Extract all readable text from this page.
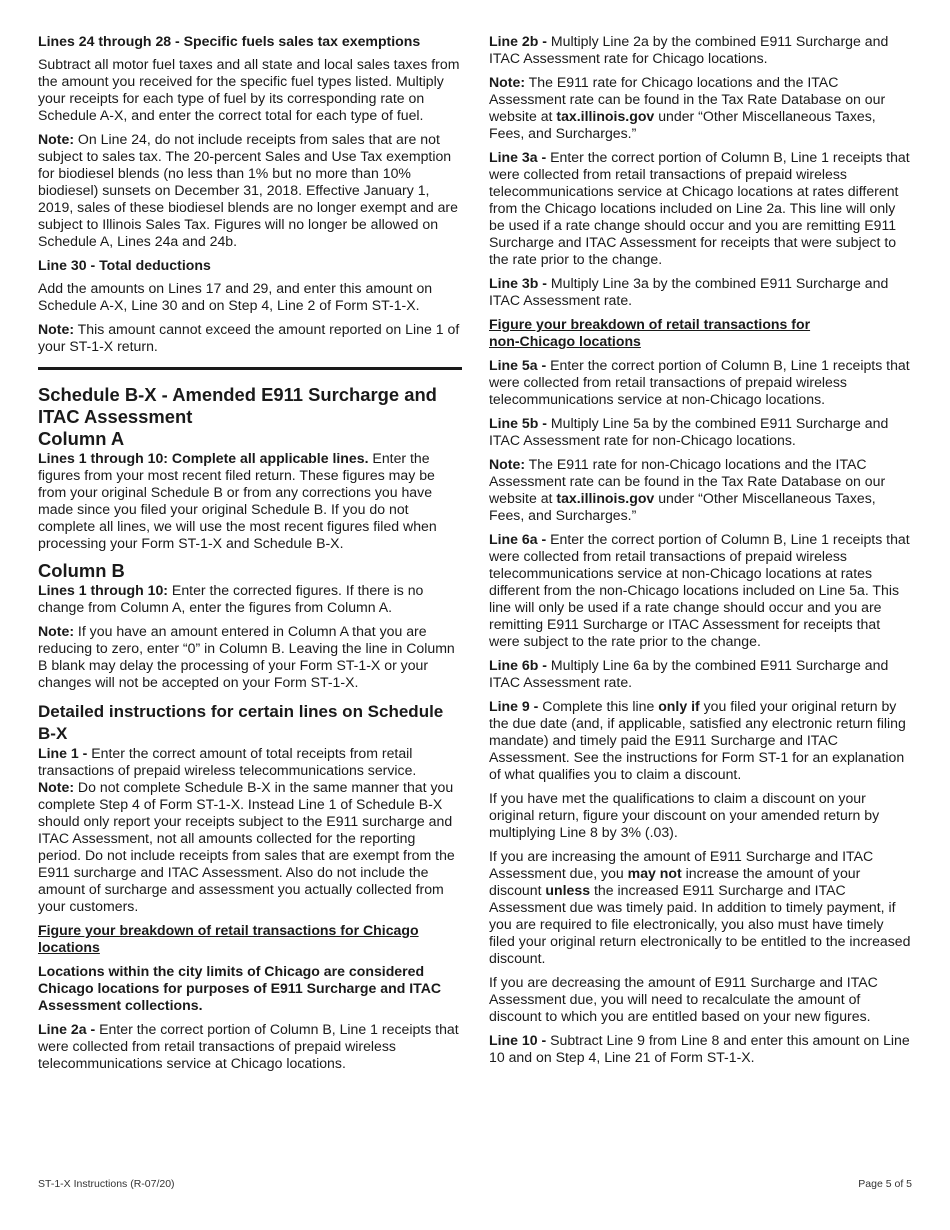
Lines 24 through 28 - Specific fuels sales tax exemptions

Subtract all motor fuel taxes and all state and local sales taxes from the amount you received for the specific fuel types listed. Multiply your receipts for each type of fuel by its corresponding rate on Schedule A-X, and enter the correct total for each type of fuel.

Note: On Line 24, do not include receipts from sales that are not subject to sales tax. The 20-percent Sales and Use Tax exemption for biodiesel blends (no less than 1% but no more than 10% biodiesel) sunsets on December 31, 2018. Effective January 1, 2019, sales of these biodiesel blends are no longer exempt and are subject to Illinois Sales Tax. Figures will no longer be allowed on Schedule A, Lines 24a and 24b.

Line 30 - Total deductions

Add the amounts on Lines 17 and 29, and enter this amount on Schedule A-X, Line 30 and on Step 4, Line 2 of Form ST-1-X.

Note: This amount cannot exceed the amount reported on Line 1 of your ST-1-X return.

Schedule B-X - Amended E911 Surcharge and ITAC Assessment
Column A

Lines 1 through 10: Complete all applicable lines. Enter the figures from your most recent filed return. These figures may be from your original Schedule B or from any corrections you have made since you filed your original Schedule B. If you do not complete all lines, we will use the most recent figures filed when processing your Form ST-1-X and Schedule B-X.

Column B

Lines 1 through 10: Enter the corrected figures. If there is no change from Column A, enter the figures from Column A.

Note: If you have an amount entered in Column A that you are reducing to zero, enter “0” in Column B. Leaving the line in Column B blank may delay the processing of your Form ST-1-X or your changes will not be accepted on your Form ST-1-X.

Detailed instructions for certain lines on Schedule B-X

Line 1 - Enter the correct amount of total receipts from retail transactions of prepaid wireless telecommunications service.

Note: Do not complete Schedule B-X in the same manner that you complete Step 4 of Form ST-1-X. Instead Line 1 of Schedule B-X should only report your receipts subject to the E911 surcharge and ITAC Assessment, not all amounts collected for the reporting period. Do not include receipts from sales that are exempt from the E911 surcharge and ITAC Assessment. Also do not include the amount of surcharge and assessment you actually collected from your customers.

Figure your breakdown of retail transactions for Chicago locations

Locations within the city limits of Chicago are considered Chicago locations for purposes of E911 Surcharge and ITAC Assessment collections.

Line 2a - Enter the correct portion of Column B, Line 1 receipts that were collected from retail transactions of prepaid wireless telecommunications service at Chicago locations.

Line 2b - Multiply Line 2a by the combined E911 Surcharge and ITAC Assessment rate for Chicago locations.

Note: The E911 rate for Chicago locations and the ITAC Assessment rate can be found in the Tax Rate Database on our website at tax.illinois.gov under “Other Miscellaneous Taxes, Fees, and Surcharges.”

Line 3a - Enter the correct portion of Column B, Line 1 receipts that were collected from retail transactions of prepaid wireless telecommunications service at Chicago locations at rates different from the Chicago locations included on Line 2a. This line will only be used if a rate change should occur and you are remitting E911 Surcharge and ITAC Assessment for receipts that were subject to the rate prior to the change.

Line 3b - Multiply Line 3a by the combined E911 Surcharge and ITAC Assessment rate.

Figure your breakdown of retail transactions for non-Chicago locations

Line 5a - Enter the correct portion of Column B, Line 1 receipts that were collected from retail transactions of prepaid wireless telecommunications service at non-Chicago locations.

Line 5b - Multiply Line 5a by the combined E911 Surcharge and ITAC Assessment rate for non-Chicago locations.

Note: The E911 rate for non-Chicago locations and the ITAC Assessment rate can be found in the Tax Rate Database on our website at tax.illinois.gov under “Other Miscellaneous Taxes, Fees, and Surcharges.”

Line 6a - Enter the correct portion of Column B, Line 1 receipts that were collected from retail transactions of prepaid wireless telecommunications service at non-Chicago locations at rates different from the non-Chicago locations included on Line 5a. This line will only be used if a rate change should occur and you are remitting E911 Surcharge or ITAC Assessment for receipts that were subject to the rate prior to the change.

Line 6b - Multiply Line 6a by the combined E911 Surcharge and ITAC Assessment rate.

Line 9 - Complete this line only if you filed your original return by the due date (and, if applicable, satisfied any electronic return filing mandate) and timely paid the E911 Surcharge and ITAC Assessment. See the instructions for Form ST-1 for an explanation of what qualifies you to claim a discount.

If you have met the qualifications to claim a discount on your original return, figure your discount on your amended return by multiplying Line 8 by 3% (.03).

If you are increasing the amount of E911 Surcharge and ITAC Assessment due, you may not increase the amount of your discount unless the increased E911 Surcharge and ITAC Assessment due was timely paid. In addition to timely payment, if you are required to file electronically, you also must have timely filed your original return electronically to be entitled to the increased discount.

If you are decreasing the amount of E911 Surcharge and ITAC Assessment due, you will need to recalculate the amount of discount to which you are entitled based on your new figures.

Line 10 - Subtract Line 9 from Line 8 and enter this amount on Line 10 and on Step 4, Line 21 of Form ST-1-X.

ST-1-X Instructions (R-07/20)	Page 5 of 5
